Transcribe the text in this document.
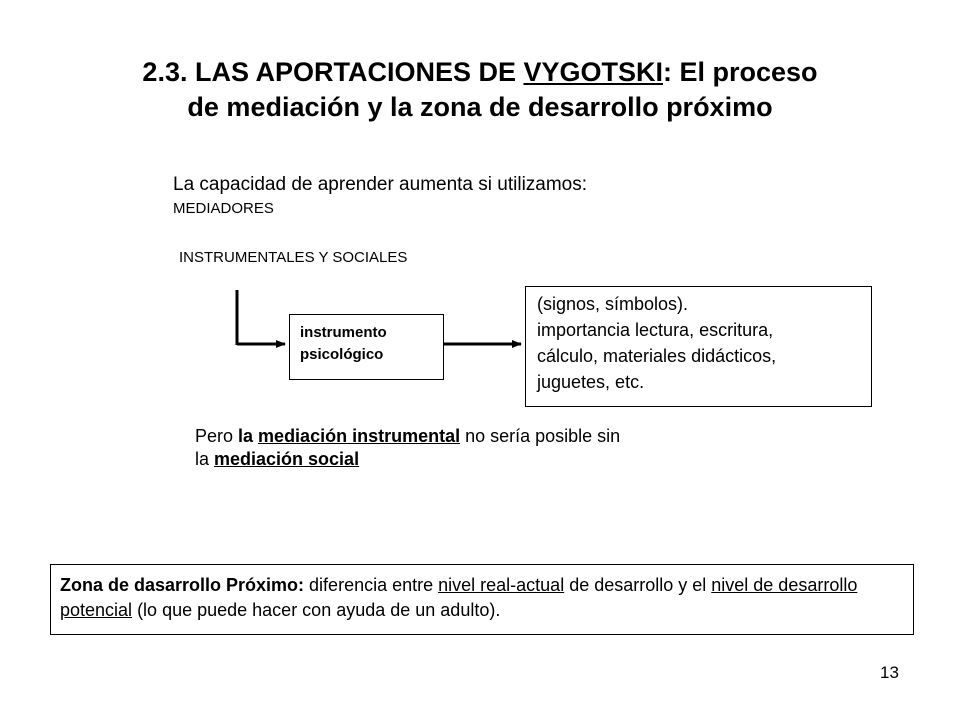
2.3. LAS APORTACIONES DE VYGOTSKI: El proceso
de mediación y la zona de desarrollo próximo
La capacidad de aprender aumenta si utilizamos:
MEDIADORES
INSTRUMENTALES Y SOCIALES
instrumento
psicológico
(signos, símbolos).
importancia lectura, escritura,
cálculo, materiales didácticos,
juguetes, etc.
Pero la mediación instrumental no sería posible sin
la mediación social
Zona de dasarrollo Próximo: diferencia entre nivel real-actual de desarrollo y el nivel de desarrollo potencial (lo que puede hacer con ayuda de un adulto).
13
